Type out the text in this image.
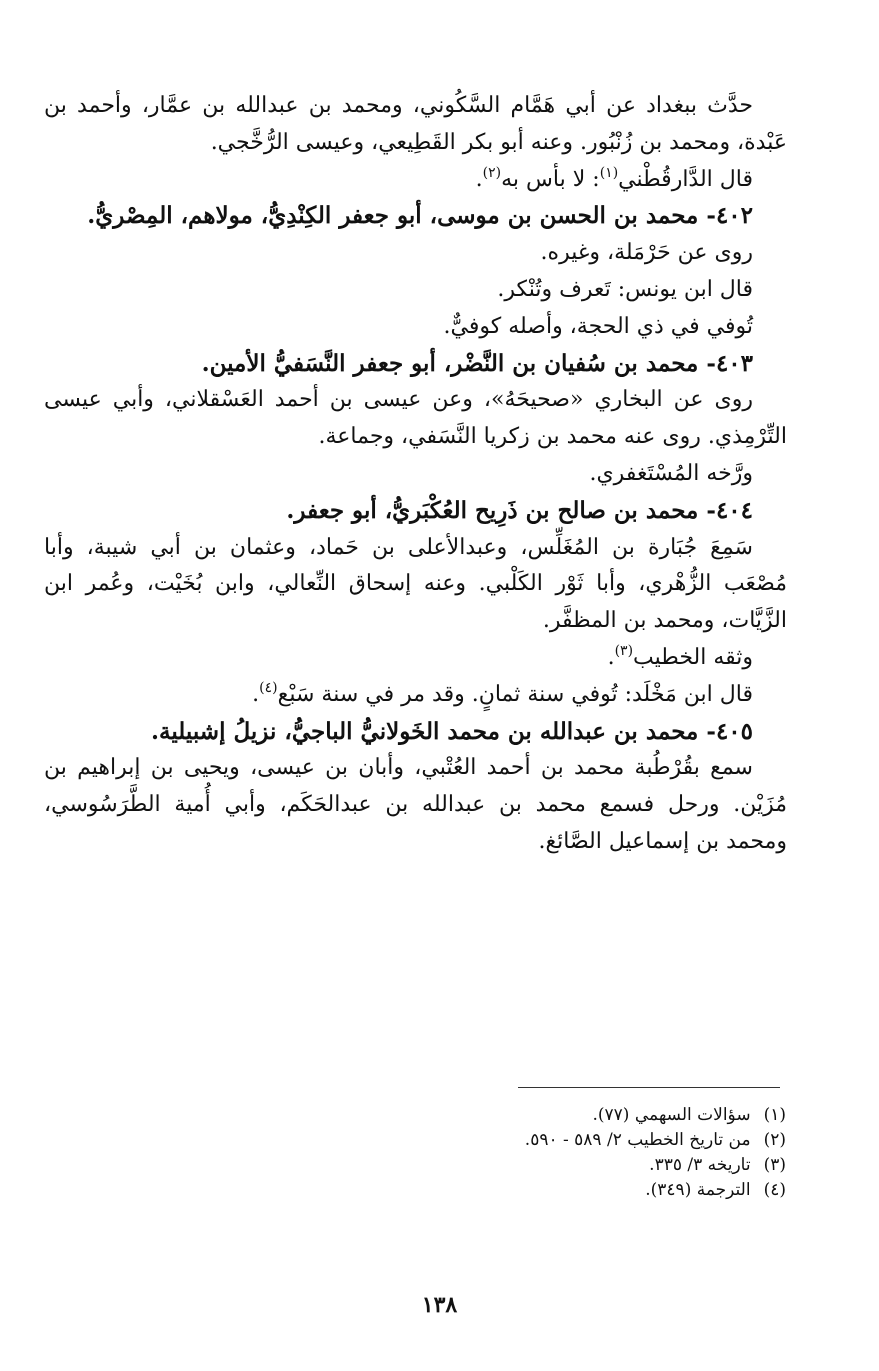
حدَّث ببغداد عن أبي هَمَّام السَّكُوني، ومحمد بن عبدالله بن عمَّار، وأحمد بن عَبْدة، ومحمد بن زُنْبُور. وعنه أبو بكر القَطِيعي، وعيسى الرُّخَّجي.

قال الدَّارقُطْني$^{(١)}$: لا بأس به$^{(٢)}$.

٤٠٢- محمد بن الحسن بن موسى، أبو جعفر الكِنْدِيُّ، مولاهم، المِصْريُّ.

روى عن حَرْمَلة، وغيره.

قال ابن يونس: تَعرف وتُنْكر.

تُوفي في ذي الحجة، وأصله كوفيٌّ.

٤٠٣- محمد بن سُفيان بن النَّضْر، أبو جعفر النَّسَفيُّ الأمين.

روى عن البخاري «صحيحَهُ»، وعن عيسى بن أحمد العَسْقلاني، وأبي عيسى التِّرْمِذي. روى عنه محمد بن زكريا النَّسَفي، وجماعة.

ورَّخه المُسْتَغفري.

٤٠٤- محمد بن صالح بن ذَرِيح العُكْبَريُّ، أبو جعفر.

سَمِعَ جُبَارة بن المُغَلِّس، وعبدالأعلى بن حَماد، وعثمان بن أبي شيبة، وأبا مُصْعَب الزُّهْري، وأبا ثَوْر الكَلْبي. وعنه إسحاق النِّعالي، وابن بُخَيْت، وعُمر ابن الزَّيَّات، ومحمد بن المظفَّر.

وثقه الخطيب$^{(٣)}$.

قال ابن مَخْلَد: تُوفي سنة ثمانٍ. وقد مر في سنة سَبْع$^{(٤)}$.

٤٠٥- محمد بن عبدالله بن محمد الخَولانيُّ الباجيُّ، نزيلُ إشبيلية.

سمع بقُرْطُبة محمد بن أحمد العُتْبي، وأبان بن عيسى، ويحيى بن إبراهيم بن مُزَيْن. ورحل فسمع محمد بن عبدالله بن عبدالحَكَم، وأبي أُمية الطَّرَسُوسي، ومحمد بن إسماعيل الصَّائغ.

(١) سؤالات السهمي (٧٧).
(٢) من تاريخ الخطيب ٢/ ٥٨٩ - ٥٩٠.
(٣) تاريخه ٣/ ٣٣٥.
(٤) الترجمة (٣٤٩).
١٣٨
